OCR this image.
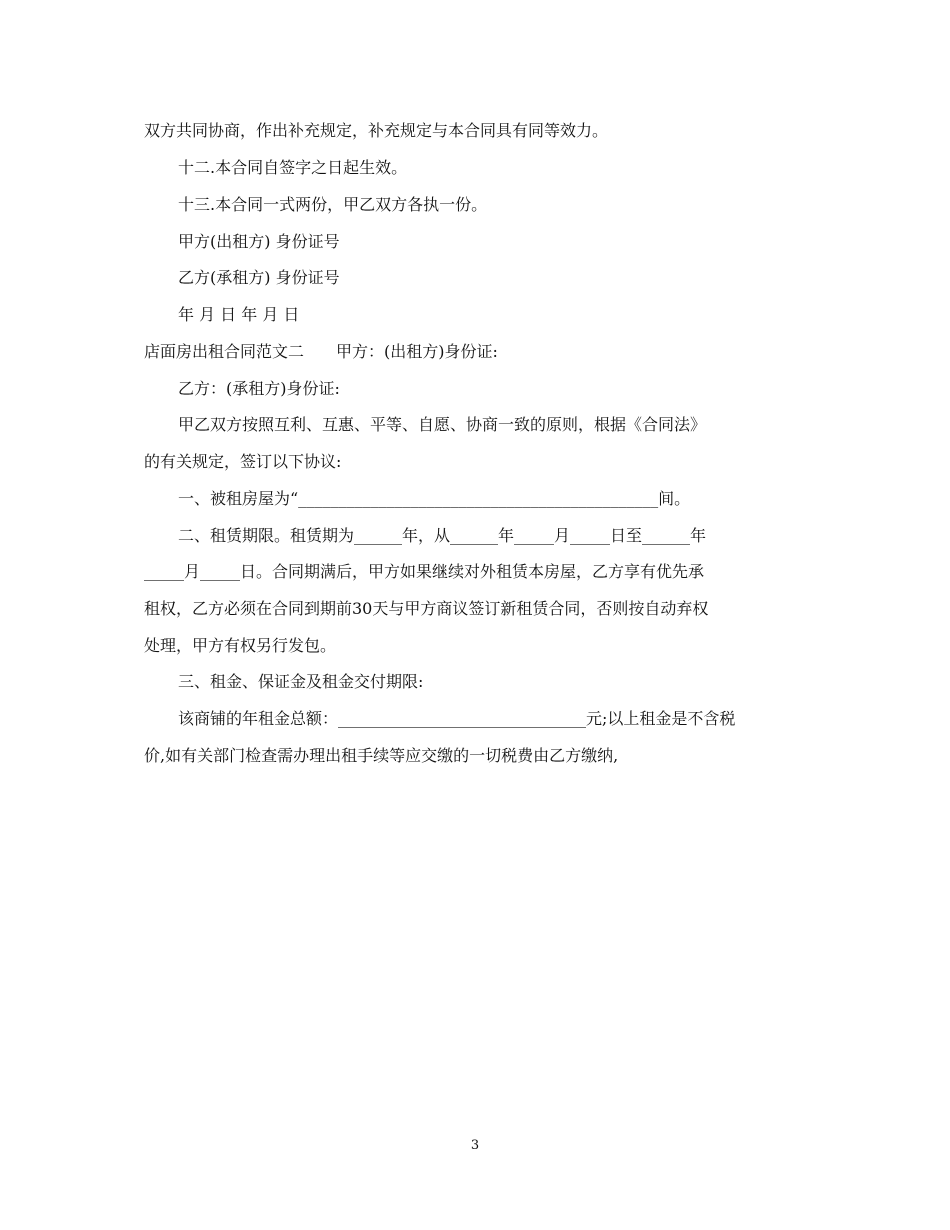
双方共同协商，作出补充规定，补充规定与本合同具有同等效力。
十二.本合同自签字之日起生效。
十三.本合同一式两份，甲乙双方各执一份。
甲方(出租方) 身份证号
乙方(承租方) 身份证号
年 月 日 年 月 日
店面房出租合同范文二　　甲方：(出租方)身份证:
乙方：(承租方)身份证:
甲乙双方按照互利、互惠、平等、自愿、协商一致的原则，根据《合同法》
的有关规定，签订以下协议:
一、被租房屋为“_____________________________________________间。
二、租赁期限。租赁期为______年，从______年_____月_____日至______年
_____月_____日。合同期满后，甲方如果继续对外租赁本房屋，乙方享有优先承
租权，乙方必须在合同到期前30天与甲方商议签订新租赁合同，否则按自动弃权
处理，甲方有权另行发包。
三、租金、保证金及租金交付期限:
该商铺的年租金总额：_______________________________元;以上租金是不含税
价,如有关部门检查需办理出租手续等应交缴的一切税费由乙方缴纳,
3
